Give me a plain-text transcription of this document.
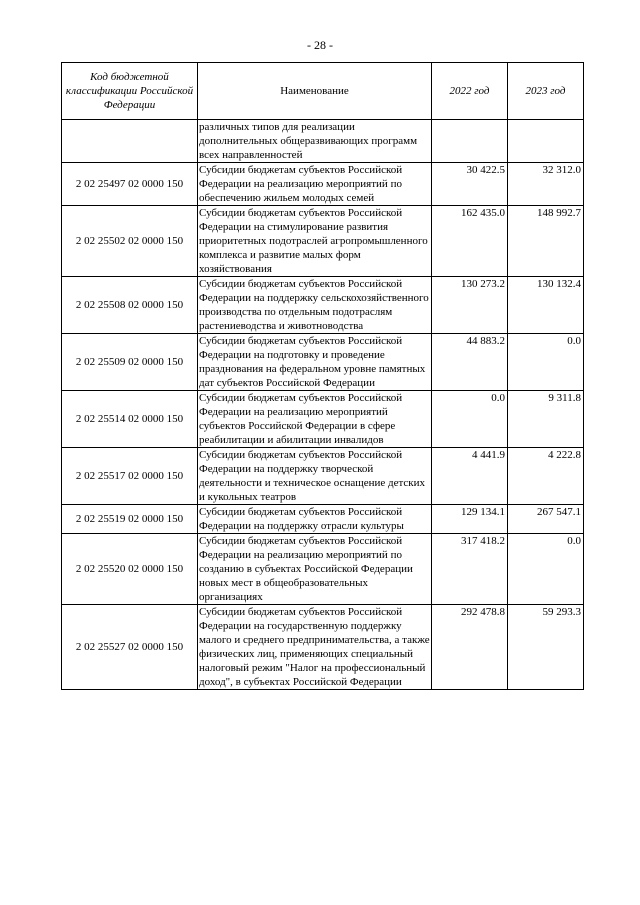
- 28 -
Код бюджетной классификации Российской Федерации	Наименование	2022 год	2023 год
	различных типов для реализации дополнительных общеразвивающих программ всех направленностей		
2 02 25497 02 0000 150	Субсидии бюджетам субъектов Российской Федерации на реализацию мероприятий по обеспечению жильем молодых семей	30 422.5	32 312.0
2 02 25502 02 0000 150	Субсидии бюджетам субъектов Российской Федерации на стимулирование развития приоритетных подотраслей агропромышленного комплекса и развитие малых форм хозяйствования	162 435.0	148 992.7
2 02 25508 02 0000 150	Субсидии бюджетам субъектов Российской Федерации на поддержку сельскохозяйственного производства по отдельным подотраслям растениеводства и животноводства	130 273.2	130 132.4
2 02 25509 02 0000 150	Субсидии бюджетам субъектов Российской Федерации на подготовку и проведение празднования на федеральном уровне памятных дат субъектов Российской Федерации	44 883.2	0.0
2 02 25514 02 0000 150	Субсидии бюджетам субъектов Российской Федерации на реализацию мероприятий субъектов Российской Федерации в сфере реабилитации и абилитации инвалидов	0.0	9 311.8
2 02 25517 02 0000 150	Субсидии бюджетам субъектов Российской Федерации на поддержку творческой деятельности и техническое оснащение детских и кукольных театров	4 441.9	4 222.8
2 02 25519 02 0000 150	Субсидии бюджетам субъектов Российской Федерации на поддержку отрасли культуры	129 134.1	267 547.1
2 02 25520 02 0000 150	Субсидии бюджетам субъектов Российской Федерации на реализацию мероприятий по созданию в субъектах Российской Федерации новых мест в общеобразовательных организациях	317 418.2	0.0
2 02 25527 02 0000 150	Субсидии бюджетам субъектов Российской Федерации на государственную поддержку малого и среднего предпринимательства, а также физических лиц, применяющих специальный налоговый режим "Налог на профессиональный доход", в субъектах Российской Федерации	292 478.8	59 293.3
